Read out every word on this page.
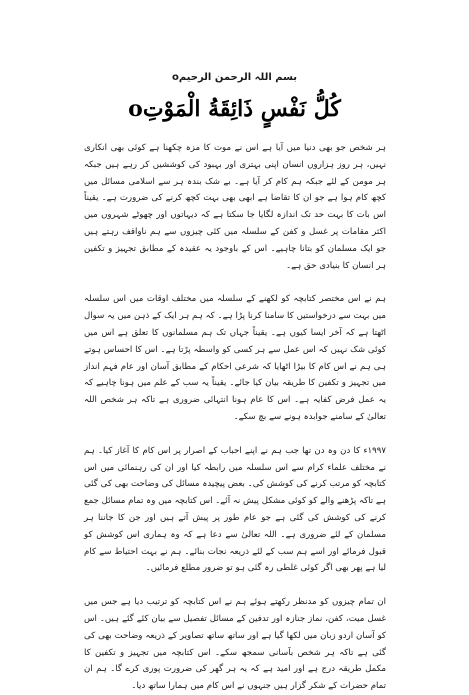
بسم اللہ الرحمن الرحیمo
كُلُّ نَفْسٍ ذَائِقَةُ الْمَوْتِo

ہر شخص جو بھی دنیا میں آیا ہے اس نے موت کا مزہ چکھنا ہے کوئی بھی انکاری نہیں، ہر روز ہزاروں انسان اپنی بہتری اور بہبود کی کوششیں کر رہے ہیں جبکہ ہر مومن کے لئے جبکہ ہم کام کر آیا ہے۔ بے شک بندہ ہر سے اسلامی مسائل میں کچھ کام ہوا ہے جو ان کا تقاضا ہے ابھی بھی بہت کچھ کرنے کی ضرورت ہے۔ یقیناً اس بات کا بہت حد تک اندازہ لگایا جا سکتا ہے کہ دیہاتوں اور چھوٹے شہروں میں اکثر مقامات پر غسل و کفن کے سلسلہ میں کئی چیزوں سے ہم ناواقف رہتے ہیں جو ایک مسلمان کو بتانا چاہیے۔ اس کے باوجود یہ عقیدہ کے مطابق تجہیز و تکفین ہر انسان کا بنیادی حق ہے۔

ہم نے اس مختصر کتابچہ کو لکھنے کے سلسلہ میں مختلف اوقات میں اس سلسلہ میں بہت سے درخواستیں کا سامنا کرنا پڑا ہے۔ کہ ہم ہر ایک کے ذہن میں یہ سوال اٹھتا ہے کہ آخر ایسا کیوں ہے۔ یقیناً جہاں تک ہم مسلمانوں کا تعلق ہے اس میں کوئی شک نہیں کہ اس عمل سے ہر کسی کو واسطہ پڑتا ہے۔ اس کا احساس ہوتے ہی ہم نے اس کام کا بیڑا اٹھایا کہ شرعی احکام کے مطابق آسان اور عام فہم انداز میں تجہیز و تکفین کا طریقہ بیان کیا جائے۔ یقیناً یہ سب کے علم میں ہونا چاہیے کہ یہ عمل فرض کفایہ ہے۔ اس کا عام ہونا انتہائی ضروری ہے تاکہ ہر شخص اللہ تعالیٰ کے سامنے جوابدہ ہونے سے بچ سکے۔

۱۹۹۷ء کا دن وہ دن تھا جب ہم نے اپنے احباب کے اصرار پر اس کام کا آغاز کیا۔ ہم نے مختلف علماء کرام سے اس سلسلہ میں رابطہ کیا اور ان کی رہنمائی میں اس کتابچہ کو مرتب کرنے کی کوشش کی۔ بعض پیچیدہ مسائل کی وضاحت بھی کی گئی ہے تاکہ پڑھنے والے کو کوئی مشکل پیش نہ آئے۔ اس کتابچہ میں وہ تمام مسائل جمع کرنے کی کوشش کی گئی ہے جو عام طور پر پیش آتے ہیں اور جن کا جاننا ہر مسلمان کے لئے ضروری ہے۔ اللہ تعالیٰ سے دعا ہے کہ وہ ہماری اس کوشش کو قبول فرمائے اور اسے ہم سب کے لئے ذریعہ نجات بنائے۔ ہم نے بہت احتیاط سے کام لیا ہے پھر بھی اگر کوئی غلطی رہ گئی ہو تو ضرور مطلع فرمائیں۔

ان تمام چیزوں کو مدنظر رکھتے ہوئے ہم نے اس کتابچہ کو ترتیب دیا ہے جس میں غسل میت، کفن، نماز جنازہ اور تدفین کے مسائل تفصیل سے بیان کئے گئے ہیں۔ اس کو آسان اردو زبان میں لکھا گیا ہے اور ساتھ ساتھ تصاویر کے ذریعہ وضاحت بھی کی گئی ہے تاکہ ہر شخص بآسانی سمجھ سکے۔ اس کتابچہ میں تجہیز و تکفین کا مکمل طریقہ درج ہے اور امید ہے کہ یہ ہر گھر کی ضرورت پوری کرے گا۔ ہم ان تمام حضرات کے شکر گزار ہیں جنہوں نے اس کام میں ہمارا ساتھ دیا۔
